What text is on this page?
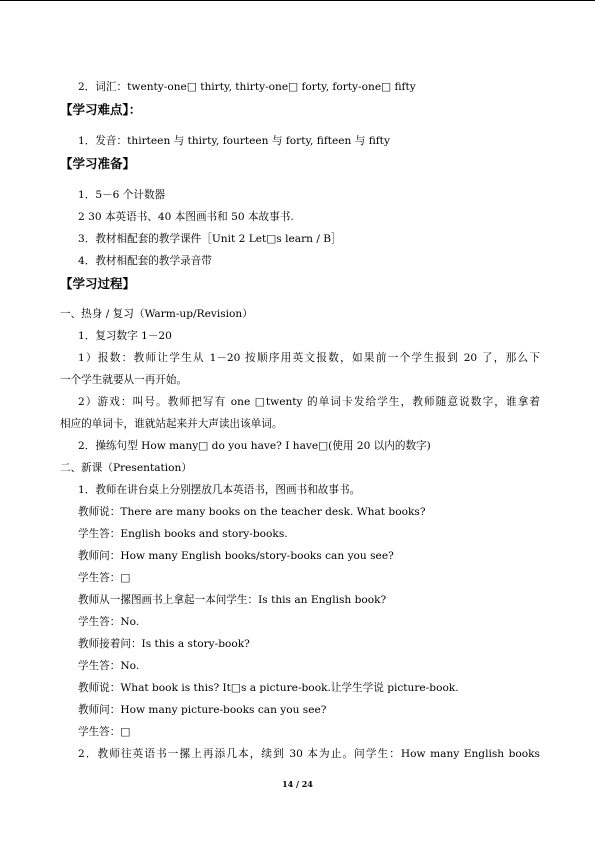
2．词汇：twenty-one□ thirty, thirty-one□ forty, forty-one□ fifty
【学习难点】：
1．发音：thirteen 与 thirty, fourteen 与 forty, fifteen 与 fifty
【学习准备】
1．5－6 个计数器
2 30 本英语书、40 本图画书和 50 本故事书.
3．教材相配套的教学课件［Unit 2 Let□s learn / B］
4．教材相配套的教学录音带
【学习过程】
一、热身 / 复习（Warm-up/Revision）
1．复习数字 1－20
1）报数：教师让学生从 1－20 按顺序用英文报数，如果前一个学生报到 20 了，那么下
一个学生就要从一再开始。
2）游戏：叫号。教师把写有 one □twenty 的单词卡发给学生，教师随意说数字，谁拿着
相应的单词卡，谁就站起来并大声读出该单词。
2．操练句型 How many□ do you have? I have□(使用 20 以内的数字)
二、新课（Presentation）
1．教师在讲台桌上分别摆放几本英语书，图画书和故事书。
教师说：There are many books on the teacher desk. What books?
学生答：English books and story-books.
教师问：How many English books/story-books can you see?
学生答：□
教师从一摞图画书上拿起一本问学生：Is this an English book?
学生答：No.
教师接着问：Is this a story-book?
学生答：No.
教师说：What book is this? It□s a picture-book.让学生学说 picture-book.
教师问：How many picture-books can you see?
学生答：□
2．教师往英语书一摞上再添几本，续到 30 本为止。问学生：How many English books
14 / 24
